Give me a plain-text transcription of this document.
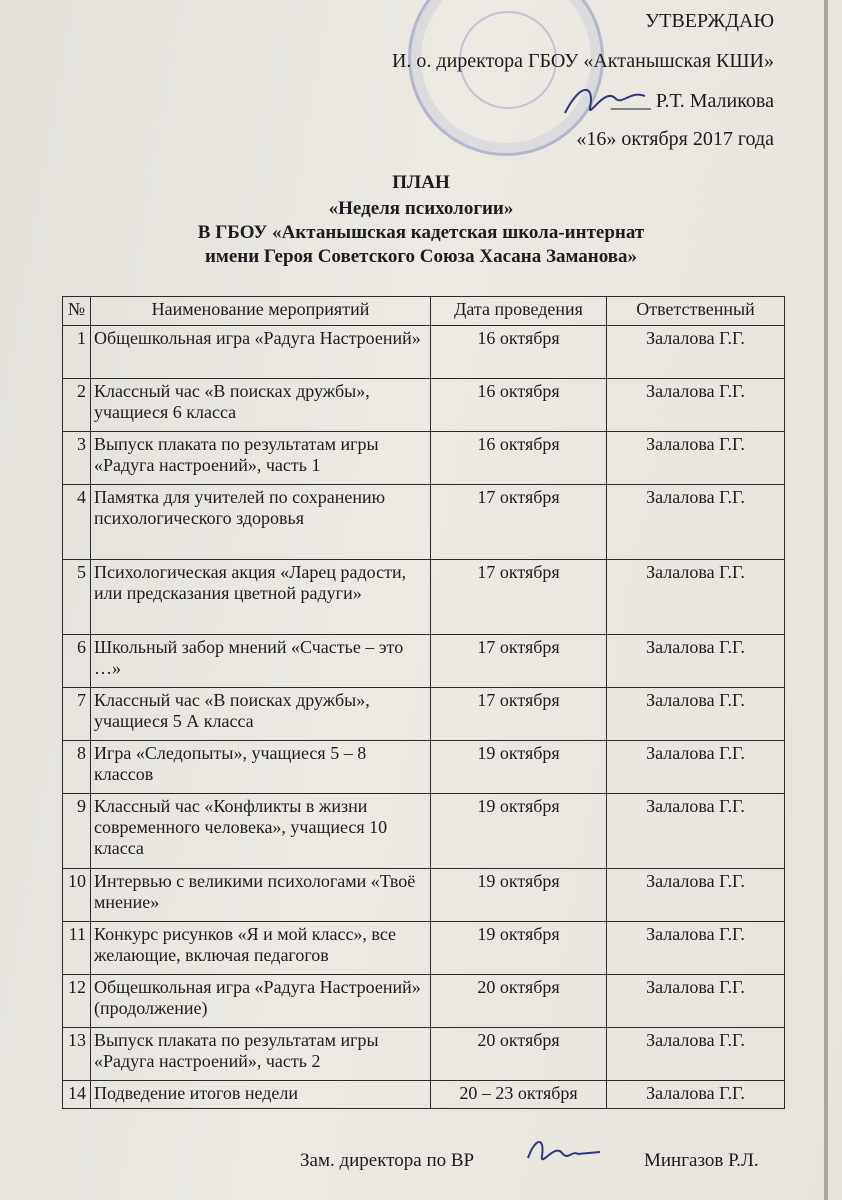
УТВЕРЖДАЮ
И. о. директора ГБОУ «Актанышская КШИ»
____ Р.Т. Маликова
«16» октября 2017 года
ПЛАН
«Неделя психологии»
В ГБОУ «Актанышская кадетская школа-интернат
имени Героя Советского Союза Хасана Заманова»
№	Наименование мероприятий	Дата проведения	Ответственный
1	Общешкольная игра «Радуга Настроений»	16 октября	Залалова Г.Г.
2	Классный час «В поисках дружбы», учащиеся 6 класса	16 октября	Залалова Г.Г.
3	Выпуск плаката по результатам игры «Радуга настроений», часть 1	16 октября	Залалова Г.Г.
4	Памятка для учителей по сохранению психологического здоровья	17 октября	Залалова Г.Г.
5	Психологическая акция «Ларец радости, или предсказания цветной радуги»	17 октября	Залалова Г.Г.
6	Школьный забор мнений «Счастье – это …»	17 октября	Залалова Г.Г.
7	Классный час «В поисках дружбы», учащиеся 5 А класса	17 октября	Залалова Г.Г.
8	Игра «Следопыты», учащиеся 5 – 8 классов	19 октября	Залалова Г.Г.
9	Классный час «Конфликты в жизни современного человека», учащиеся 10 класса	19 октября	Залалова Г.Г.
10	Интервью с великими психологами «Твоё мнение»	19 октября	Залалова Г.Г.
11	Конкурс рисунков «Я и мой класс», все желающие, включая педагогов	19 октября	Залалова Г.Г.
12	Общешкольная игра «Радуга Настроений» (продолжение)	20 октября	Залалова Г.Г.
13	Выпуск плаката по результатам игры «Радуга настроений», часть 2	20 октября	Залалова Г.Г.
14	Подведение итогов недели	20 – 23 октября	Залалова Г.Г.
Зам. директора по ВР	Мингазов Р.Л.
